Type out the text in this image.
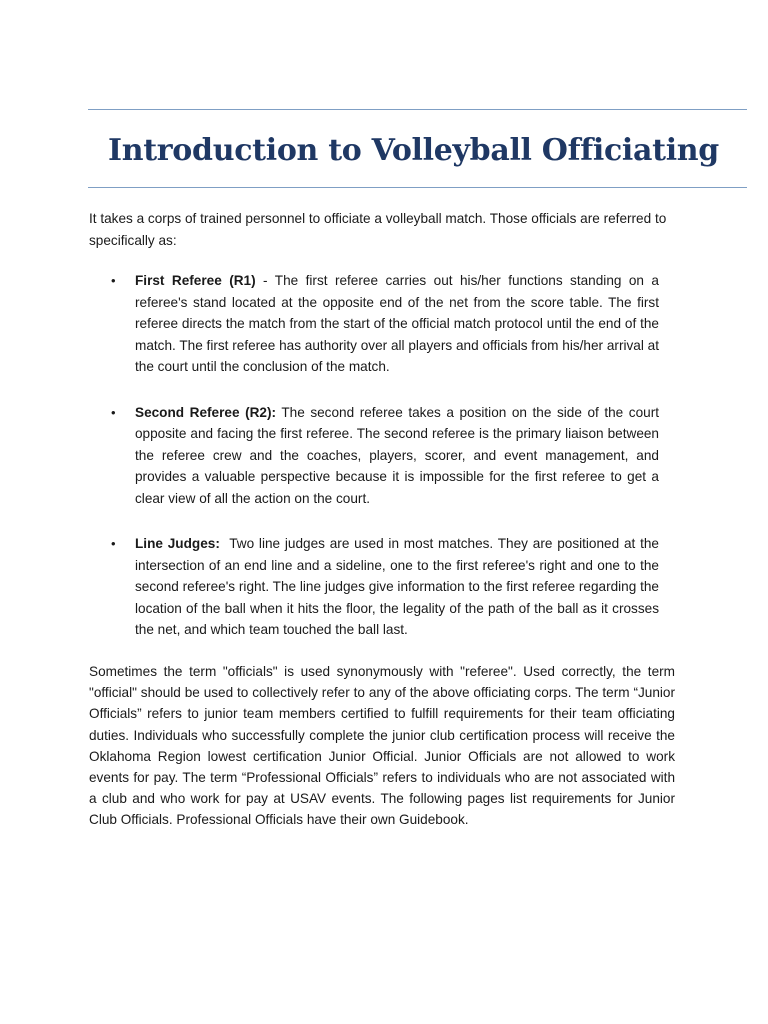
Introduction to Volleyball Officiating

It takes a corps of trained personnel to officiate a volleyball match. Those officials are referred to specifically as:

• First Referee (R1) - The first referee carries out his/her functions standing on a referee's stand located at the opposite end of the net from the score table. The first referee directs the match from the start of the official match protocol until the end of the match. The first referee has authority over all players and officials from his/her arrival at the court until the conclusion of the match.
• Second Referee (R2): The second referee takes a position on the side of the court opposite and facing the first referee. The second referee is the primary liaison between the referee crew and the coaches, players, scorer, and event management, and provides a valuable perspective because it is impossible for the first referee to get a clear view of all the action on the court.
• Line Judges: Two line judges are used in most matches. They are positioned at the intersection of an end line and a sideline, one to the first referee's right and one to the second referee's right. The line judges give information to the first referee regarding the location of the ball when it hits the floor, the legality of the path of the ball as it crosses the net, and which team touched the ball last.

Sometimes the term "officials" is used synonymously with "referee". Used correctly, the term "official" should be used to collectively refer to any of the above officiating corps. The term “Junior Officials” refers to junior team members certified to fulfill requirements for their team officiating duties. Individuals who successfully complete the junior club certification process will receive the Oklahoma Region lowest certification Junior Official. Junior Officials are not allowed to work events for pay. The term “Professional Officials” refers to individuals who are not associated with a club and who work for pay at USAV events. The following pages list requirements for Junior Club Officials. Professional Officials have their own Guidebook.
